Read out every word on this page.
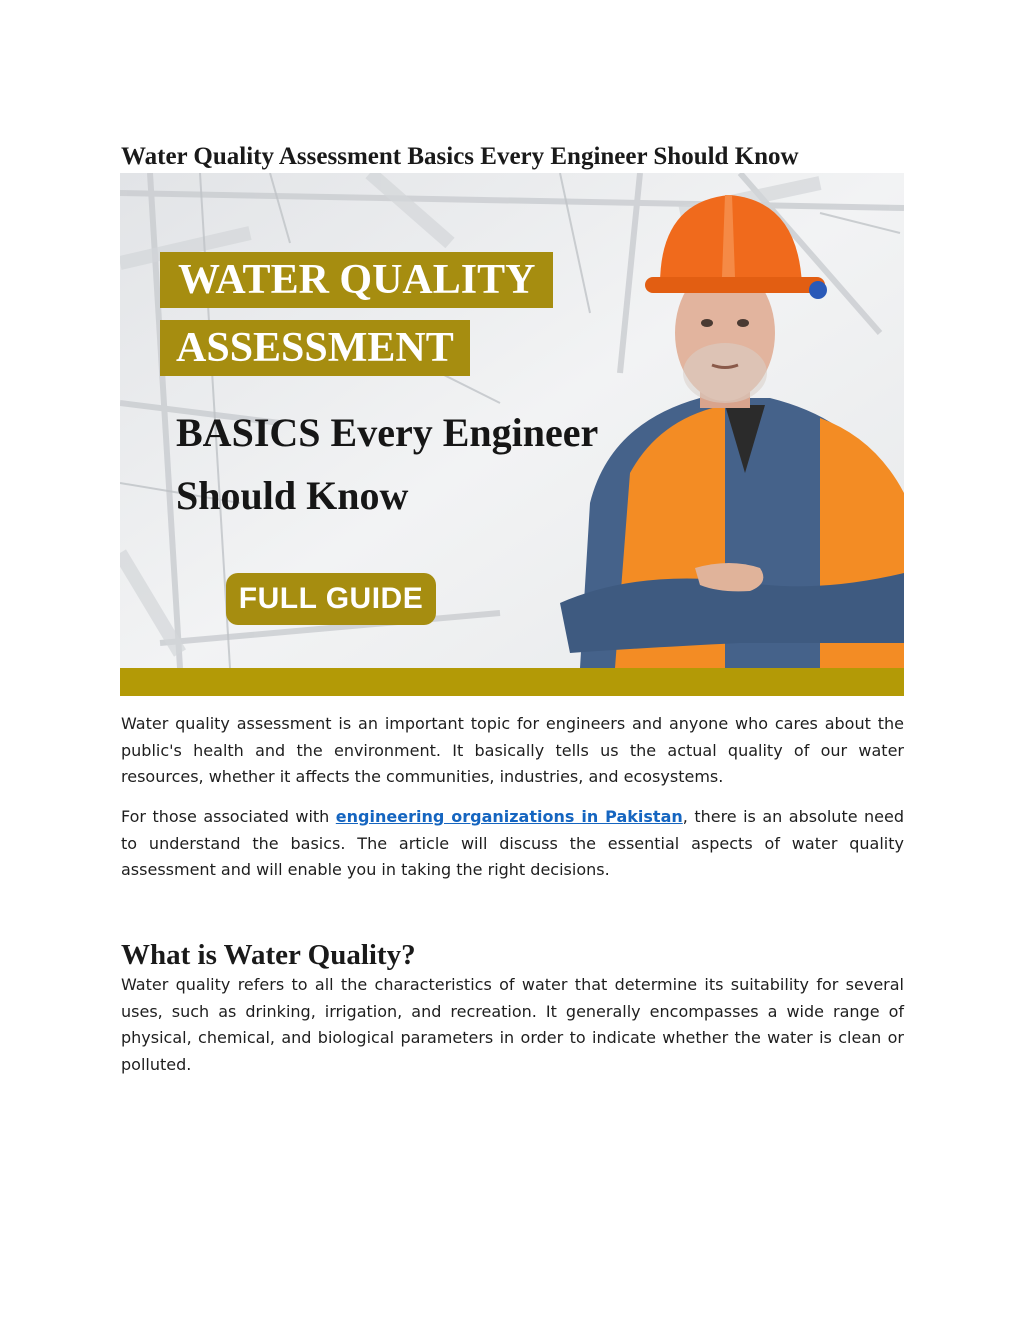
Water Quality Assessment Basics Every Engineer Should Know
WATER QUALITY
ASSESSMENT
BASICS Every Engineer
Should Know
FULL GUIDE

Water quality assessment is an important topic for engineers and anyone who cares about the public's health and the environment. It basically tells us the actual quality of our water resources, whether it affects the communities, industries, and ecosystems.

For those associated with engineering organizations in Pakistan, there is an absolute need to understand the basics. The article will discuss the essential aspects of water quality assessment and will enable you in taking the right decisions.

What is Water Quality?

Water quality refers to all the characteristics of water that determine its suitability for several uses, such as drinking, irrigation, and recreation. It generally encompasses a wide range of physical, chemical, and biological parameters in order to indicate whether the water is clean or polluted.
